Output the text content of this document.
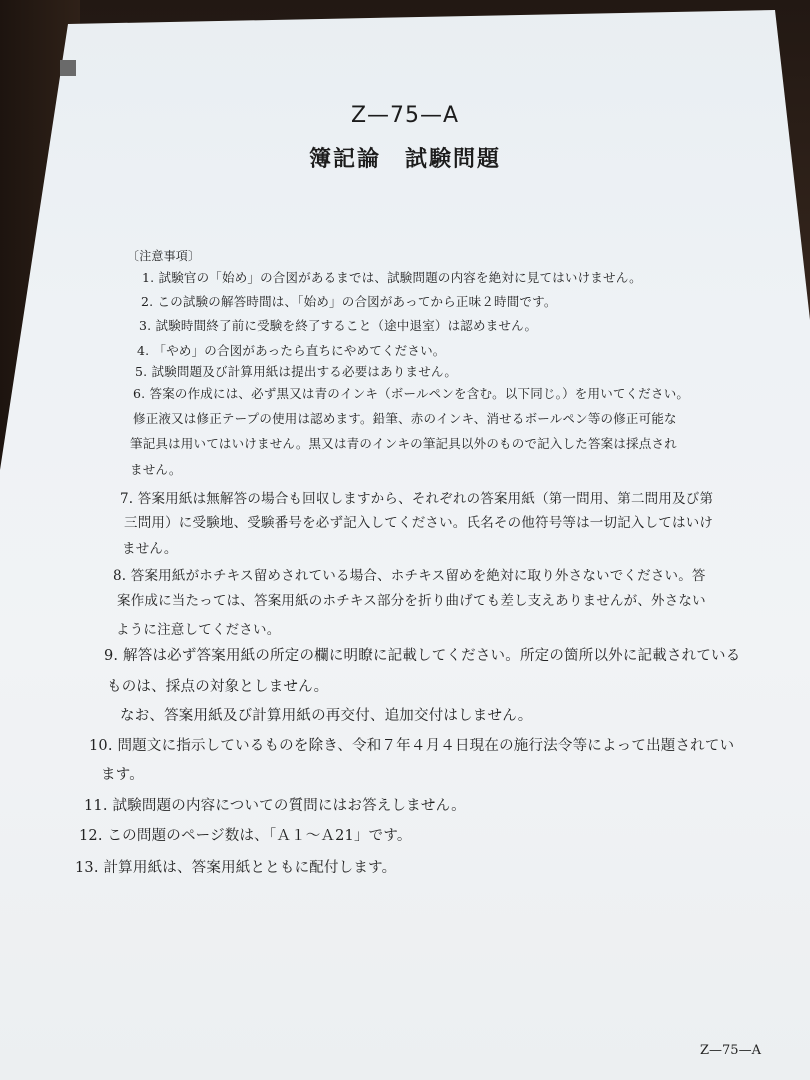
Z—75—A
簿記論　試験問題
〔注意事項〕
1. 試験官の「始め」の合図があるまでは、試験問題の内容を絶対に見てはいけません。
2. この試験の解答時間は、「始め」の合図があってから正味２時間です。
3. 試験時間終了前に受験を終了すること（途中退室）は認めません。
4. 「やめ」の合図があったら直ちにやめてください。
5. 試験問題及び計算用紙は提出する必要はありません。
6. 答案の作成には、必ず黒又は青のインキ（ボールペンを含む。以下同じ。）を用いてください。
修正液又は修正テープの使用は認めます。鉛筆、赤のインキ、消せるボールペン等の修正可能な
筆記具は用いてはいけません。黒又は青のインキの筆記具以外のもので記入した答案は採点され
ません。
7. 答案用紙は無解答の場合も回収しますから、それぞれの答案用紙（第一問用、第二問用及び第
三問用）に受験地、受験番号を必ず記入してください。氏名その他符号等は一切記入してはいけ
ません。
8. 答案用紙がホチキス留めされている場合、ホチキス留めを絶対に取り外さないでください。答
案作成に当たっては、答案用紙のホチキス部分を折り曲げても差し支えありませんが、外さない
ように注意してください。
9. 解答は必ず答案用紙の所定の欄に明瞭に記載してください。所定の箇所以外に記載されている
ものは、採点の対象としません。
なお、答案用紙及び計算用紙の再交付、追加交付はしません。
10. 問題文に指示しているものを除き、令和７年４月４日現在の施行法令等によって出題されてい
ます。
11. 試験問題の内容についての質問にはお答えしません。
12. この問題のページ数は、「Ａ１～Ａ21」です。
13. 計算用紙は、答案用紙とともに配付します。
Z—75—A
